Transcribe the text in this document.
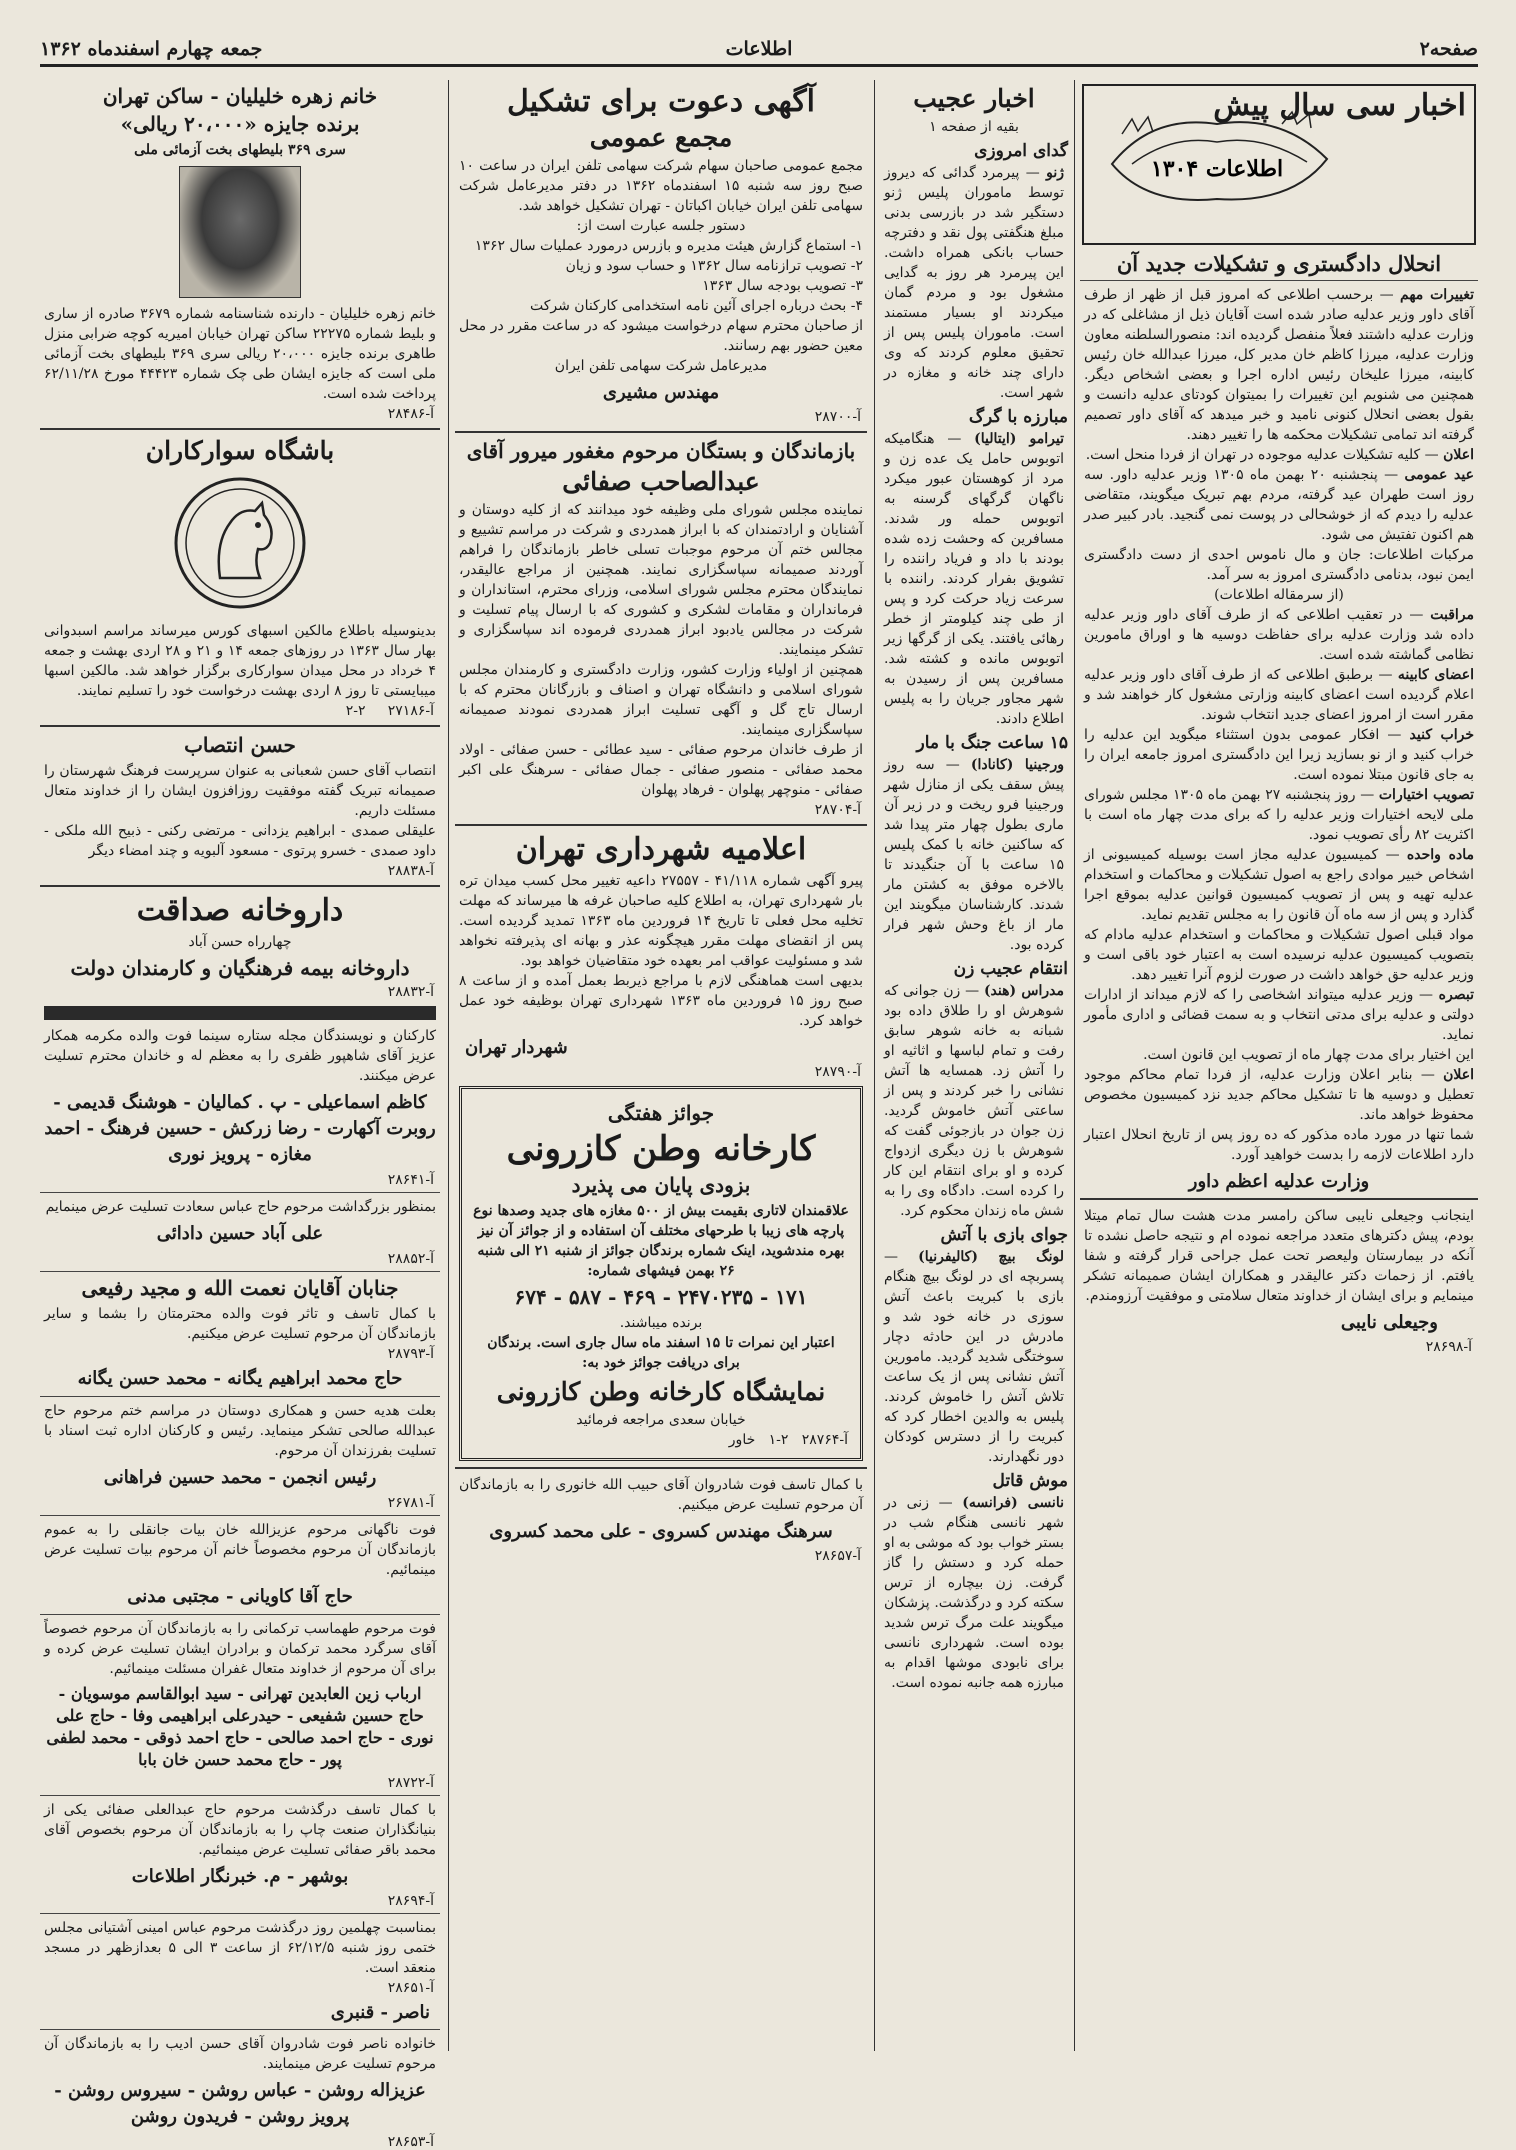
صفحه۲
اطلاعات
جمعه چهارم اسفندماه ۱۳۶۲
اخبار سی سال پیش
اطلاعات ۱۳۰۴
انحلال دادگستری و تشکیلات جدید آن
تغییرات مهم — برحسب اطلاعی که امروز قبل از ظهر از طرف آقای داور وزیر عدلیه صادر شده است آقایان ذیل از مشاغلی که در وزارت عدلیه داشتند فعلاً منفصل گردیده اند: منصورالسلطنه معاون وزارت عدلیه، میرزا کاظم خان مدیر کل، میرزا عبدالله خان رئیس کابینه، میرزا علیخان رئیس اداره اجرا و بعضی اشخاص دیگر. همچنین می شنویم این تغییرات را بمیتوان کودتای عدلیه دانست و بقول بعضی انحلال کنونی نامید و خبر میدهد که آقای داور تصمیم گرفته اند تمامی تشکیلات محکمه ها را تغییر دهند.
اعلان — کلیه تشکیلات عدلیه موجوده در تهران از فردا منحل است.
عید عمومی — پنجشنبه ۲۰ بهمن ماه ۱۳۰۵ وزیر عدلیه داور. سه روز است طهران عید گرفته، مردم بهم تبریک میگویند، متقاضی عدلیه را دیدم که از خوشحالی در پوست نمی گنجید. بادر کبیر صدر هم اکنون تفتیش می شود.
مرکبات اطلاعات: جان و مال ناموس احدی از دست دادگستری ایمن نبود، بدنامی دادگستری امروز به سر آمد.
(از سرمقاله اطلاعات)
مراقبت — در تعقیب اطلاعی که از طرف آقای داور وزیر عدلیه داده شد وزارت عدلیه برای حفاظت دوسیه ها و اوراق مامورین نظامی گماشته شده است.
اعضای کابینه — برطبق اطلاعی که از طرف آقای داور وزیر عدلیه اعلام گردیده است اعضای کابینه وزارتی مشغول کار خواهند شد و مقرر است از امروز اعضای جدید انتخاب شوند.
خراب کنید — افکار عمومی بدون استثناء میگوید این عدلیه را خراب کنید و از نو بسازید زیرا این دادگستری امروز جامعه ایران را به جای قانون مبتلا نموده است.
تصویب اختیارات — روز پنجشنبه ۲۷ بهمن ماه ۱۳۰۵ مجلس شورای ملی لایحه اختیارات وزیر عدلیه را که برای مدت چهار ماه است با اکثریت ۸۲ رأی تصویب نمود.
ماده واحده — کمیسیون عدلیه مجاز است بوسیله کمیسیونی از اشخاص خبیر موادی راجع به اصول تشکیلات و محاکمات و استخدام عدلیه تهیه و پس از تصویب کمیسیون قوانین عدلیه بموقع اجرا گذارد و پس از سه ماه آن قانون را به مجلس تقدیم نماید.
مواد قبلی اصول تشکیلات و محاکمات و استخدام عدلیه مادام که بتصویب کمیسیون عدلیه نرسیده است به اعتبار خود باقی است و وزیر عدلیه حق خواهد داشت در صورت لزوم آنرا تغییر دهد.
تبصره — وزیر عدلیه میتواند اشخاصی را که لازم میداند از ادارات دولتی و عدلیه برای مدتی انتخاب و به سمت قضائی و اداری مأمور نماید.
این اختیار برای مدت چهار ماه از تصویب این قانون است.
اعلان — بنابر اعلان وزارت عدلیه، از فردا تمام محاکم موجود تعطیل و دوسیه ها تا تشکیل محاکم جدید نزد کمیسیون مخصوص محفوظ خواهد ماند.
شما تنها در مورد ماده مذکور که ده روز پس از تاریخ انحلال اعتبار دارد اطلاعات لازمه را بدست خواهید آورد.
وزارت عدلیه اعظم داور
اینجانب وجیعلی نایبی ساکن رامسر مدت هشت سال تمام میتلا بودم، پیش دکترهای متعدد مراجعه نموده ام و نتیجه حاصل نشده تا آنکه در بیمارستان ولیعصر تحت عمل جراحی قرار گرفته و شفا یافتم. از زحمات دکتر عالیقدر و همکاران ایشان صمیمانه تشکر مینمایم و برای ایشان از خداوند متعال سلامتی و موفقیت آرزومندم.
وجیعلی نایبی
آ-۲۸۶۹۸
اخبار عجیب
بقیه از صفحه ۱
گدای امروزی
ژنو — پیرمرد گدائی که دیروز توسط ماموران پلیس ژنو دستگیر شد در بازرسی بدنی مبلغ هنگفتی پول نقد و دفترچه حساب بانکی همراه داشت. این پیرمرد هر روز به گدایی مشغول بود و مردم گمان میکردند او بسیار مستمند است. ماموران پلیس پس از تحقیق معلوم کردند که وی دارای چند خانه و مغازه در شهر است.
مبارزه با گرگ
تیرامو (ایتالیا) — هنگامیکه اتوبوس حامل یک عده زن و مرد از کوهستان عبور میکرد ناگهان گرگهای گرسنه به اتوبوس حمله ور شدند. مسافرین که وحشت زده شده بودند با داد و فریاد راننده را تشویق بفرار کردند. راننده با سرعت زیاد حرکت کرد و پس از طی چند کیلومتر از خطر رهائی یافتند. یکی از گرگها زیر اتوبوس مانده و کشته شد. مسافرین پس از رسیدن به شهر مجاور جریان را به پلیس اطلاع دادند.
۱۵ ساعت جنگ با مار
ورجینیا (کانادا) — سه روز پیش سقف یکی از منازل شهر ورجینیا فرو ریخت و در زیر آن ماری بطول چهار متر پیدا شد که ساکنین خانه با کمک پلیس ۱۵ ساعت با آن جنگیدند تا بالاخره موفق به کشتن مار شدند. کارشناسان میگویند این مار از باغ وحش شهر فرار کرده بود.
انتقام عجیب زن
مدراس (هند) — زن جوانی که شوهرش او را طلاق داده بود شبانه به خانه شوهر سابق رفت و تمام لباسها و اثاثیه او را آتش زد. همسایه ها آتش نشانی را خبر کردند و پس از ساعتی آتش خاموش گردید. زن جوان در بازجوئی گفت که شوهرش با زن دیگری ازدواج کرده و او برای انتقام این کار را کرده است. دادگاه وی را به شش ماه زندان محکوم کرد.
جوای بازی با آتش
لونگ بیچ (کالیفرنیا) — پسربچه ای در لونگ بیچ هنگام بازی با کبریت باعث آتش سوزی در خانه خود شد و مادرش در این حادثه دچار سوختگی شدید گردید. مامورین آتش نشانی پس از یک ساعت تلاش آتش را خاموش کردند. پلیس به والدین اخطار کرد که کبریت را از دسترس کودکان دور نگهدارند.
موش قاتل
نانسی (فرانسه) — زنی در شهر نانسی هنگام شب در بستر خواب بود که موشی به او حمله کرد و دستش را گاز گرفت. زن بیچاره از ترس سکته کرد و درگذشت. پزشکان میگویند علت مرگ ترس شدید بوده است. شهرداری نانسی برای نابودی موشها اقدام به مبارزه همه جانبه نموده است.
آگهی دعوت برای تشکیل
مجمع عمومی
مجمع عمومی صاحبان سهام شرکت سهامی تلفن ایران در ساعت ۱۰ صبح روز سه شنبه ۱۵ اسفندماه ۱۳۶۲ در دفتر مدیرعامل شرکت سهامی تلفن ایران خیابان اکباتان - تهران تشکیل خواهد شد.
دستور جلسه عبارت است از:
۱- استماع گزارش هیئت مدیره و بازرس درمورد عملیات سال ۱۳۶۲
۲- تصویب ترازنامه سال ۱۳۶۲ و حساب سود و زیان
۳- تصویب بودجه سال ۱۳۶۳
۴- بحث درباره اجرای آئین نامه استخدامی کارکنان شرکت
از صاحبان محترم سهام درخواست میشود که در ساعت مقرر در محل معین حضور بهم رسانند.
مدیرعامل شرکت سهامی تلفن ایران
مهندس مشیری
آ-۲۸۷۰۰
بازماندگان و بستگان مرحوم مغفور میرور آقای
عبدالصاحب صفائی
نماینده مجلس شورای ملی وظیفه خود میدانند که از کلیه دوستان و آشنایان و ارادتمندان که با ابراز همدردی و شرکت در مراسم تشییع و مجالس ختم آن مرحوم موجبات تسلی خاطر بازماندگان را فراهم آوردند صمیمانه سپاسگزاری نمایند. همچنین از مراجع عالیقدر، نمایندگان محترم مجلس شورای اسلامی، وزرای محترم، استانداران و فرمانداران و مقامات لشکری و کشوری که با ارسال پیام تسلیت و شرکت در مجالس یادبود ابراز همدردی فرموده اند سپاسگزاری و تشکر مینمایند.
همچنین از اولیاء وزارت کشور، وزارت دادگستری و کارمندان مجلس شورای اسلامی و دانشگاه تهران و اصناف و بازرگانان محترم که با ارسال تاج گل و آگهی تسلیت ابراز همدردی نمودند صمیمانه سپاسگزاری مینمایند.
از طرف خاندان مرحوم صفائی - سید عطائی - حسن صفائی - اولاد محمد صفائی - منصور صفائی - جمال صفائی - سرهنگ علی اکبر صفائی - منوچهر پهلوان - فرهاد پهلوان
آ-۲۸۷۰۴
اعلامیه شهرداری تهران
پیرو آگهی شماره ۴۱/۱۱۸ - ۲۷۵۵۷ داعیه تغییر محل کسب میدان تره بار شهرداری تهران، به اطلاع کلیه صاحبان غرفه ها میرساند که مهلت تخلیه محل فعلی تا تاریخ ۱۴ فروردین ماه ۱۳۶۳ تمدید گردیده است. پس از انقضای مهلت مقرر هیچگونه عذر و بهانه ای پذیرفته نخواهد شد و مسئولیت عواقب امر بعهده خود متقاضیان خواهد بود.
بدیهی است هماهنگی لازم با مراجع ذیربط بعمل آمده و از ساعت ۸ صبح روز ۱۵ فروردین ماه ۱۳۶۳ شهرداری تهران بوظیفه خود عمل خواهد کرد.
شهردار تهران
آ-۲۸۷۹۰
جوائز هفتگی
کارخانه وطن کازرونی
بزودی پایان می پذیرد
علاقمندان لاتاری بقیمت بیش از ۵۰۰ مغازه های جدید وصدها نوع پارچه های زیبا با طرحهای مختلف آن استفاده و از جوائز آن نیز بهره مندشوید، اینک شماره برندگان جوائز از شنبه ۲۱ الی شنبه ۲۶ بهمن فیشهای شماره:
۱۷۱ - ۲۴۷۰۲۳۵ - ۴۶۹ - ۵۸۷ - ۶۷۴
برنده میباشند.
اعتبار این نمرات تا ۱۵ اسفند ماه سال جاری است. برندگان برای دریافت جوائز خود به:
نمایشگاه کارخانه وطن کازرونی
خیابان سعدی مراجعه فرمائید
آ-۲۸۷۶۴   ۲-۱   خاور
با کمال تاسف فوت شادروان آقای حبیب الله خانوری را به بازماندگان آن مرحوم تسلیت عرض میکنیم.
سرهنگ مهندس کسروی - علی محمد کسروی
آ-۲۸۶۵۷
خانم زهره خلیلیان - ساکن تهران
برنده جایزه «۲۰،۰۰۰ ریالی»
سری ۳۶۹ بلیطهای بخت آزمائی ملی
خانم زهره خلیلیان - دارنده شناسنامه شماره ۳۶۷۹ صادره از ساری و بلیط شماره ۲۲۲۷۵ ساکن تهران خیابان امیریه کوچه ضرابی منزل طاهری برنده جایزه ۲۰،۰۰۰ ریالی سری ۳۶۹ بلیطهای بخت آزمائی ملی است که جایزه ایشان طی چک شماره ۴۴۴۲۳ مورخ ۶۲/۱۱/۲۸ پرداخت شده است.
آ-۲۸۴۸۶
باشگاه سوارکاران
بدینوسیله باطلاع مالکین اسبهای کورس میرساند مراسم اسبدوانی بهار سال ۱۳۶۳ در روزهای جمعه ۱۴ و ۲۱ و ۲۸ اردی بهشت و جمعه ۴ خرداد در محل میدان سوارکاری برگزار خواهد شد. مالکین اسبها میبایستی تا روز ۸ اردی بهشت درخواست خود را تسلیم نمایند.
آ-۲۷۱۸۶     ۲-۲
حسن انتصاب
انتصاب آقای حسن شعبانی به عنوان سرپرست فرهنگ شهرستان را صمیمانه تبریک گفته موفقیت روزافزون ایشان را از خداوند متعال مسئلت داریم.
علیقلی صمدی - ابراهیم یزدانی - مرتضی رکنی - ذبیح الله ملکی - داود صمدی - خسرو پرتوی - مسعود آلبویه و چند امضاء دیگر
آ-۲۸۸۳۸
داروخانه صداقت
چهارراه حسن آباد
داروخانه بیمه فرهنگیان و کارمندان دولت
آ-۲۸۸۳۲
کارکنان و نویسندگان مجله ستاره سینما فوت والده مکرمه همکار عزیز آقای شاهپور ظفری را به معظم له و خاندان محترم تسلیت عرض میکنند.
کاظم اسماعیلی - پ . کمالیان - هوشنگ قدیمی - روبرت آکهارت - رضا زرکش - حسین فرهنگ - احمد مغازه - پرویز نوری
آ-۲۸۶۴۱
بمنظور بزرگداشت مرحوم حاج عباس سعادت تسلیت عرض مینمایم
علی آباد حسین دادائی
آ-۲۸۸۵۲
جنابان آقایان نعمت الله و مجید رفیعی
با کمال تاسف و تاثر فوت والده محترمتان را بشما و سایر بازماندگان آن مرحوم تسلیت عرض میکنیم.
آ-۲۸۷۹۳
حاج محمد ابراهیم یگانه - محمد حسن یگانه
بعلت هدیه حسن و همکاری دوستان در مراسم ختم مرحوم حاج عبدالله صالحی تشکر مینماید. رئیس و کارکنان اداره ثبت اسناد با تسلیت بفرزندان آن مرحوم.
رئیس انجمن - محمد حسین فراهانی
آ-۲۶۷۸۱
فوت ناگهانی مرحوم عزیزالله خان بیات جانقلی را به عموم بازماندگان آن مرحوم مخصوصاً خانم آن مرحوم بیات تسلیت عرض مینمائیم.
حاج آقا کاویانی - مجتبی مدنی
فوت مرحوم طهماسب ترکمانی را به بازماندگان آن مرحوم خصوصاً آقای سرگرد محمد ترکمان و برادران ایشان تسلیت عرض کرده و برای آن مرحوم از خداوند متعال غفران مسئلت مینمائیم.
ارباب زین العابدین تهرانی - سید ابوالقاسم موسویان - حاج حسین شفیعی - حیدرعلی ابراهیمی وفا - حاج علی نوری - حاج احمد صالحی - حاج احمد ذوقی - محمد لطفی پور - حاج محمد حسن خان بابا
آ-۲۸۷۲۲
با کمال تاسف درگذشت مرحوم حاج عبدالعلی صفائی یکی از بنیانگذاران صنعت چاپ را به بازماندگان آن مرحوم بخصوص آقای محمد باقر صفائی تسلیت عرض مینمائیم.
بوشهر - م. خبرنگار اطلاعات
آ-۲۸۶۹۴
بمناسبت چهلمین روز درگذشت مرحوم عباس امینی آشتیانی مجلس ختمی روز شنبه ۶۲/۱۲/۵ از ساعت ۳ الی ۵ بعدازظهر در مسجد منعقد است.
آ-۲۸۶۵۱
ناصر - قنبری
خانواده ناصر فوت شادروان آقای حسن ادیب را به بازماندگان آن مرحوم تسلیت عرض مینمایند.
عزیزاله روشن - عباس روشن - سیروس روشن - پرویز روشن - فریدون روشن
آ-۲۸۶۵۳
